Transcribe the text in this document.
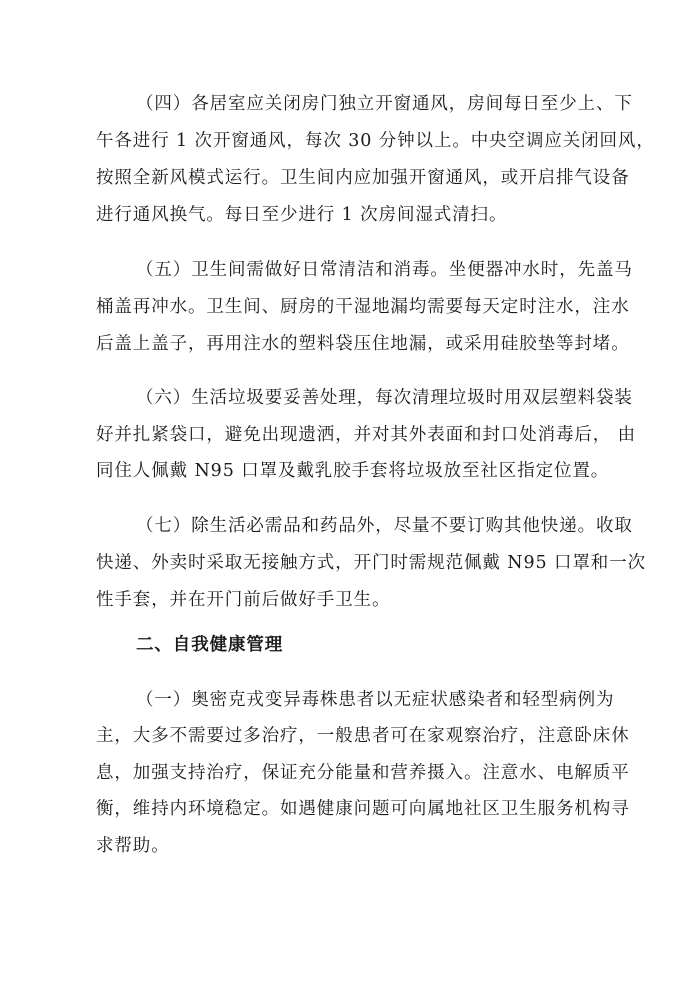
（四）各居室应关闭房门独立开窗通风，房间每日至少上、下
午各进行 1 次开窗通风，每次 30 分钟以上。中央空调应关闭回风，
按照全新风模式运行。卫生间内应加强开窗通风，或开启排气设备
进行通风换气。每日至少进行 1 次房间湿式清扫。
（五）卫生间需做好日常清洁和消毒。坐便器冲水时，先盖马
桶盖再冲水。卫生间、厨房的干湿地漏均需要每天定时注水，注水
后盖上盖子，再用注水的塑料袋压住地漏，或采用硅胶垫等封堵。
（六）生活垃圾要妥善处理，每次清理垃圾时用双层塑料袋装
好并扎紧袋口，避免出现遗洒，并对其外表面和封口处消毒后， 由
同住人佩戴 N95 口罩及戴乳胶手套将垃圾放至社区指定位置。
（七）除生活必需品和药品外，尽量不要订购其他快递。收取
快递、外卖时采取无接触方式，开门时需规范佩戴 N95 口罩和一次
性手套，并在开门前后做好手卫生。
二、自我健康管理
（一）奥密克戎变异毒株患者以无症状感染者和轻型病例为
主，大多不需要过多治疗，一般患者可在家观察治疗，注意卧床休
息，加强支持治疗，保证充分能量和营养摄入。注意水、电解质平
衡，维持内环境稳定。如遇健康问题可向属地社区卫生服务机构寻
求帮助。
